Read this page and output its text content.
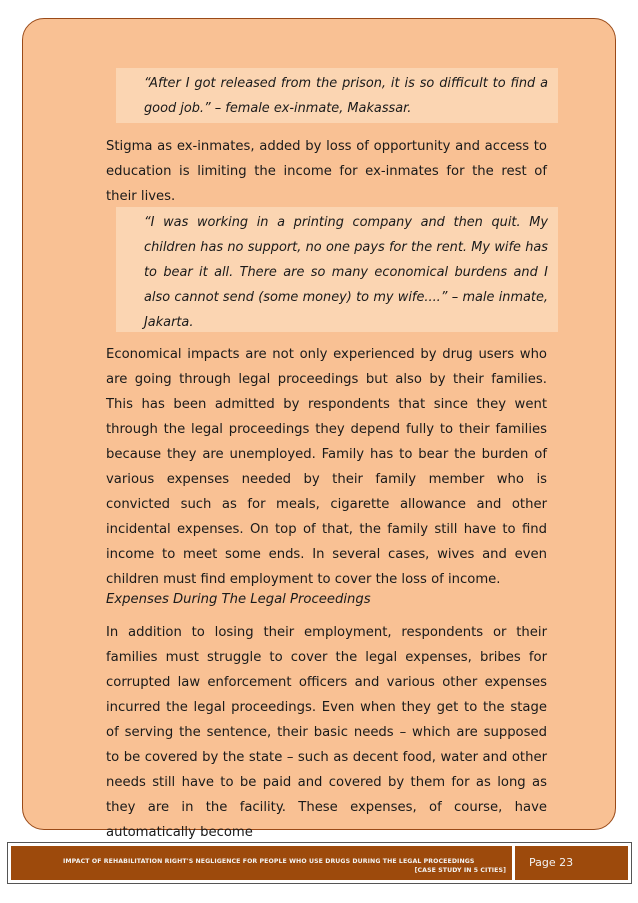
“After I got released from the prison, it is so difficult to find a good job.” – female ex-inmate, Makassar.
Stigma as ex-inmates, added by loss of opportunity and access to education is limiting the income for ex-inmates for the rest of their lives.
“I was working in a printing company and then quit. My children has no support, no one pays for the rent. My wife has to bear it all. There are so many economical burdens and I also cannot send (some money) to my wife....” – male inmate, Jakarta.
Economical impacts are not only experienced by drug users who are going through legal proceedings but also by their families. This has been admitted by respondents that since they went through the legal proceedings they depend fully to their families because they are unemployed. Family has to bear the burden of various expenses needed by their family member who is convicted such as for meals, cigarette allowance and other incidental expenses. On top of that, the family still have to find income to meet some ends. In several cases, wives and even children must find employment to cover the loss of income.
Expenses During The Legal Proceedings
In addition to losing their employment, respondents or their families must struggle to cover the legal expenses, bribes for corrupted law enforcement officers and various other expenses incurred the legal proceedings. Even when they get to the stage of serving the sentence, their basic needs – which are supposed to be covered by the state – such as decent food, water and other needs still have to be paid and covered by them for as long as they are in the facility. These expenses, of course, have automatically become
IMPACT OF REHABILITATION RIGHT'S NEGLIGENCE FOR PEOPLE WHO USE DRUGS DURING THE LEGAL PROCEEDINGS
[CASE STUDY IN 5 CITIES]
Page 23
